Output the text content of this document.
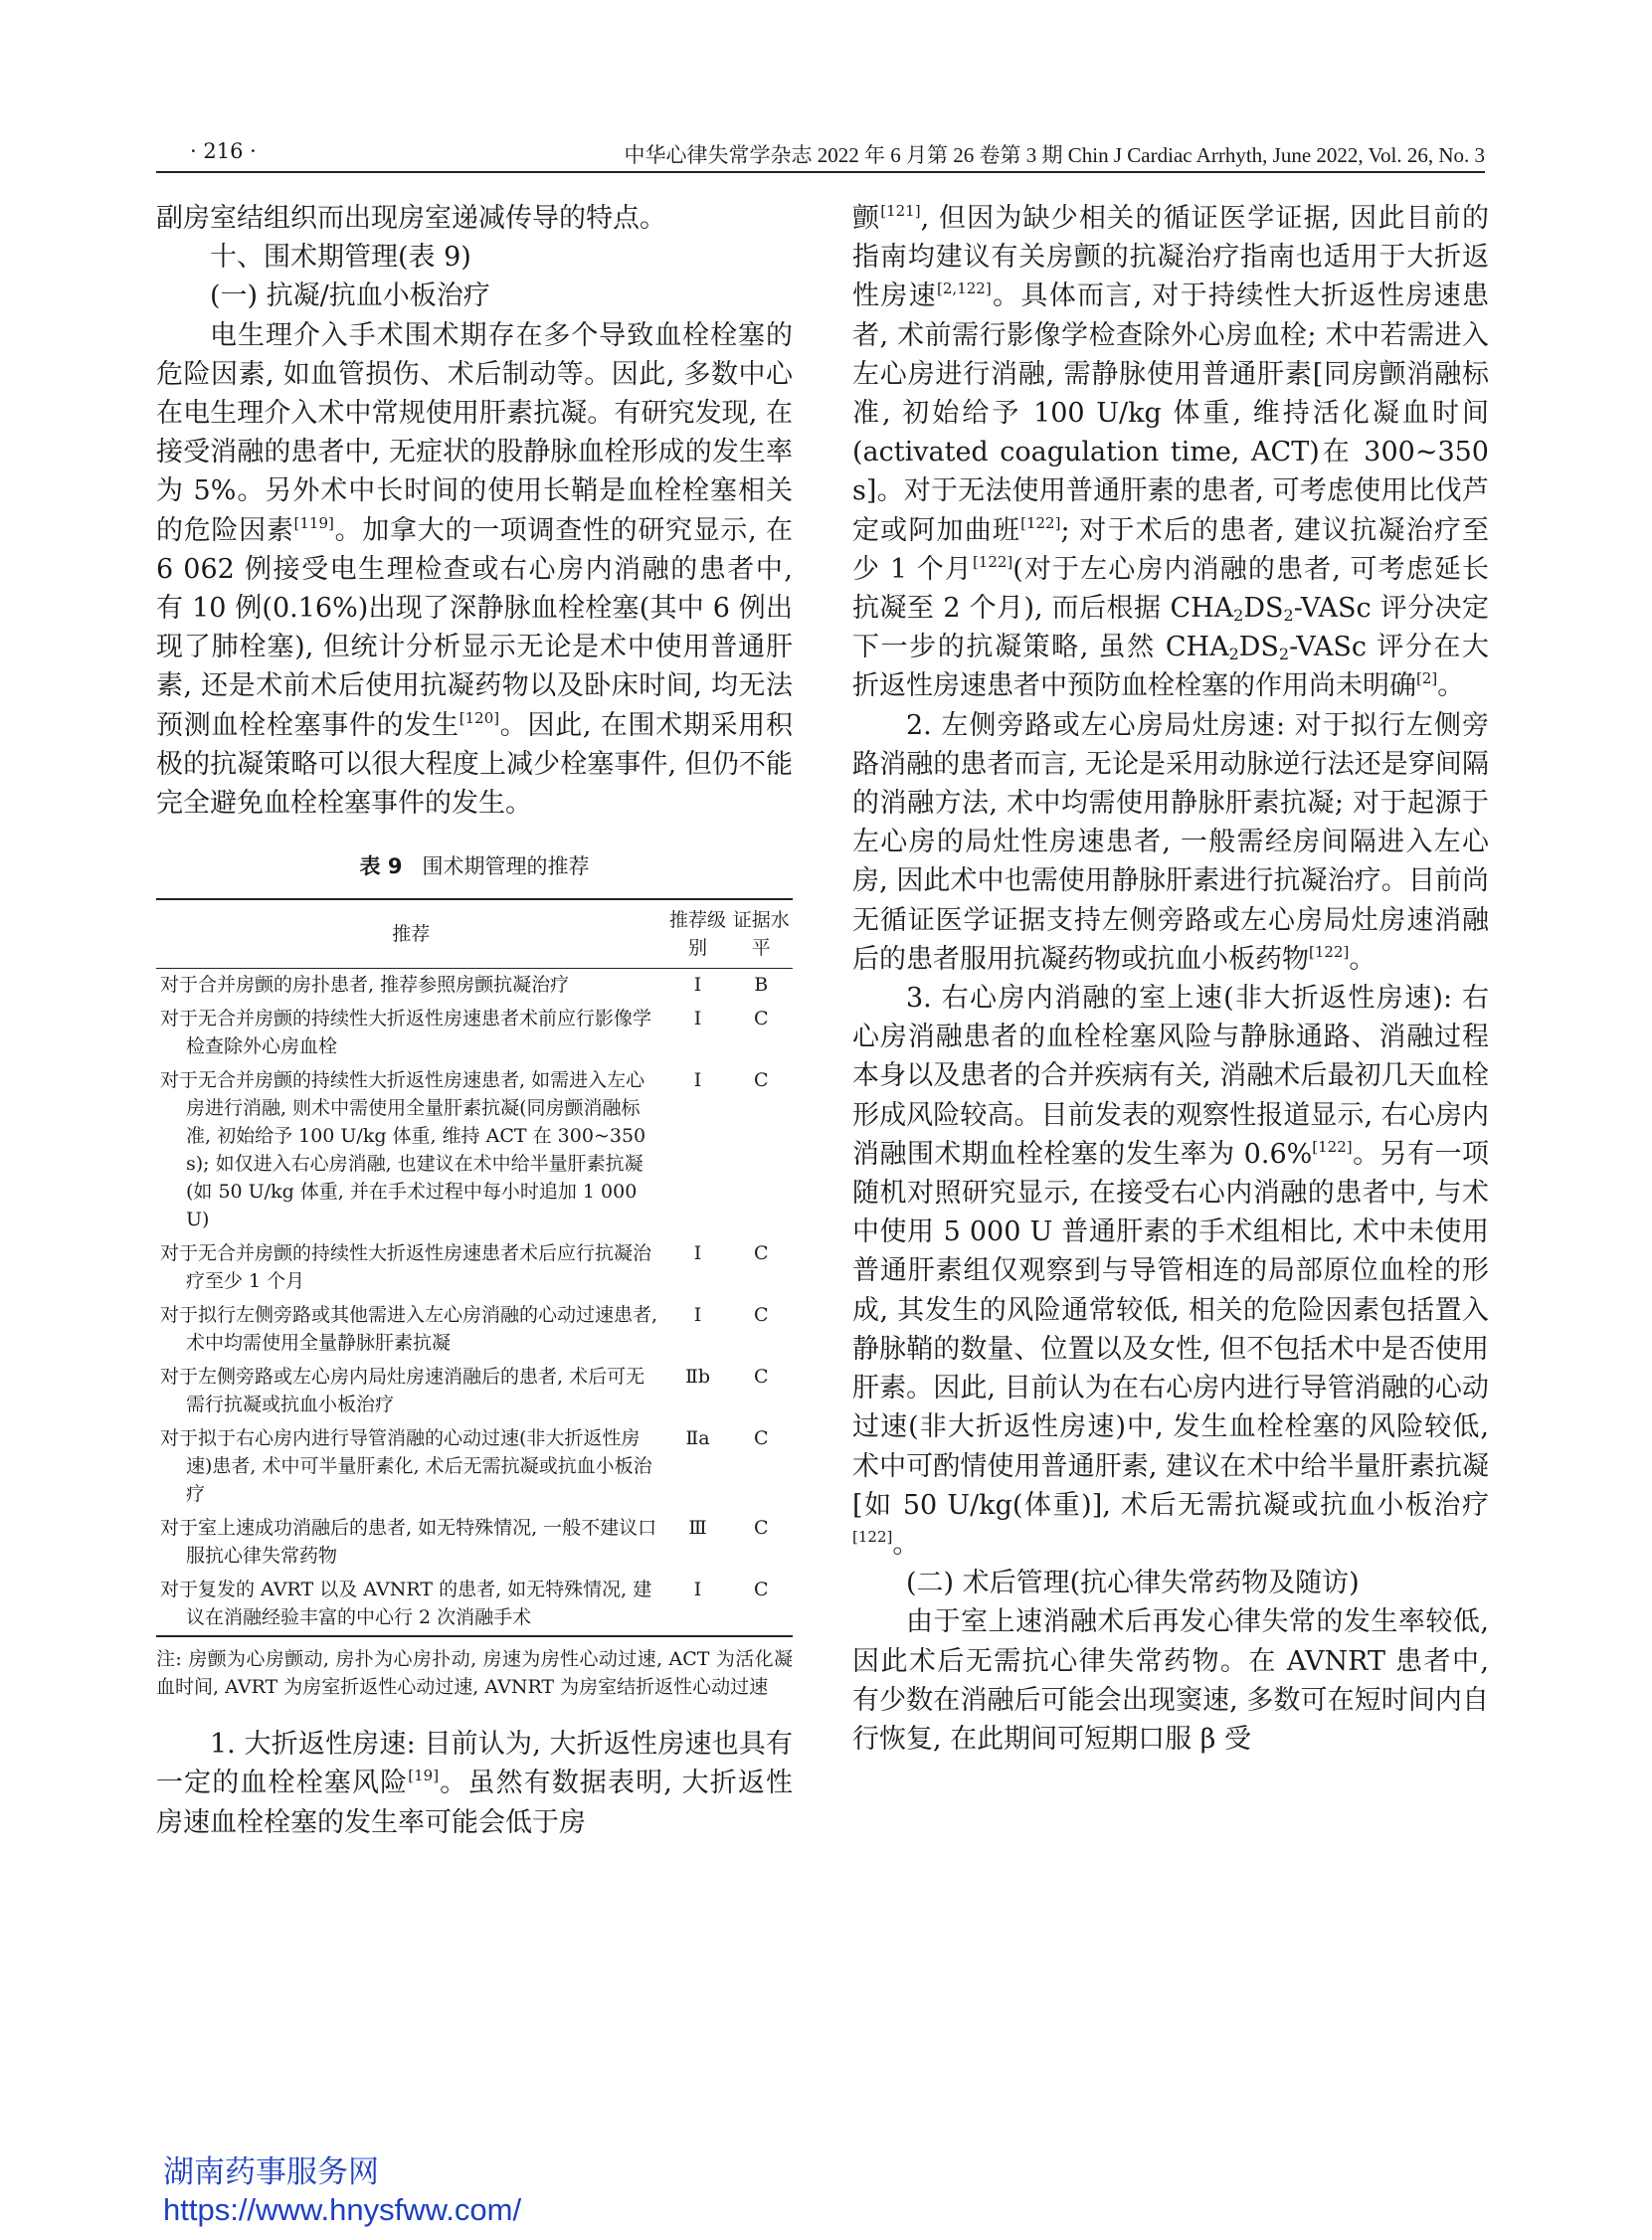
· 216 ·	中华心律失常学杂志 2022 年 6 月第 26 卷第 3 期 Chin J Cardiac Arrhyth, June 2022, Vol. 26, No. 3

副房室结组织而出现房室递减传导的特点。

十、围术期管理(表 9)

(一) 抗凝/抗血小板治疗

电生理介入手术围术期存在多个导致血栓栓塞的危险因素, 如血管损伤、术后制动等。因此, 多数中心在电生理介入术中常规使用肝素抗凝。有研究发现, 在接受消融的患者中, 无症状的股静脉血栓形成的发生率为 5%。另外术中长时间的使用长鞘是血栓栓塞相关的危险因素[119]。加拿大的一项调查性的研究显示, 在 6 062 例接受电生理检查或右心房内消融的患者中, 有 10 例(0.16%)出现了深静脉血栓栓塞(其中 6 例出现了肺栓塞), 但统计分析显示无论是术中使用普通肝素, 还是术前术后使用抗凝药物以及卧床时间, 均无法预测血栓栓塞事件的发生[120]。因此, 在围术期采用积极的抗凝策略可以很大程度上减少栓塞事件, 但仍不能完全避免血栓栓塞事件的发生。

表 9 围术期管理的推荐
推荐	推荐级别	证据水平
对于合并房颤的房扑患者, 推荐参照房颤抗凝治疗	Ⅰ	B
对于无合并房颤的持续性大折返性房速患者术前应行影像学检查除外心房血栓	Ⅰ	C
对于无合并房颤的持续性大折返性房速患者, 如需进入左心房进行消融, 则术中需使用全量肝素抗凝(同房颤消融标准, 初始给予 100 U/kg 体重, 维持 ACT 在 300~350 s); 如仅进入右心房消融, 也建议在术中给半量肝素抗凝(如 50 U/kg 体重, 并在手术过程中每小时追加 1 000 U)	Ⅰ	C
对于无合并房颤的持续性大折返性房速患者术后应行抗凝治疗至少 1 个月	Ⅰ	C
对于拟行左侧旁路或其他需进入左心房消融的心动过速患者, 术中均需使用全量静脉肝素抗凝	Ⅰ	C
对于左侧旁路或左心房内局灶房速消融后的患者, 术后可无需行抗凝或抗血小板治疗	Ⅱb	C
对于拟于右心房内进行导管消融的心动过速(非大折返性房速)患者, 术中可半量肝素化, 术后无需抗凝或抗血小板治疗	Ⅱa	C
对于室上速成功消融后的患者, 如无特殊情况, 一般不建议口服抗心律失常药物	Ⅲ	C
对于复发的 AVRT 以及 AVNRT 的患者, 如无特殊情况, 建议在消融经验丰富的中心行 2 次消融手术	Ⅰ	C

注: 房颤为心房颤动, 房扑为心房扑动, 房速为房性心动过速, ACT 为活化凝血时间, AVRT 为房室折返性心动过速, AVNRT 为房室结折返性心动过速

1. 大折返性房速: 目前认为, 大折返性房速也具有一定的血栓栓塞风险[19]。虽然有数据表明, 大折返性房速血栓栓塞的发生率可能会低于房

颤[121], 但因为缺少相关的循证医学证据, 因此目前的指南均建议有关房颤的抗凝治疗指南也适用于大折返性房速[2,122]。具体而言, 对于持续性大折返性房速患者, 术前需行影像学检查除外心房血栓; 术中若需进入左心房进行消融, 需静脉使用普通肝素[同房颤消融标准, 初始给予 100 U/kg 体重, 维持活化凝血时间(activated coagulation time, ACT)在 300~350 s]。对于无法使用普通肝素的患者, 可考虑使用比伐芦定或阿加曲班[122]; 对于术后的患者, 建议抗凝治疗至少 1 个月[122](对于左心房内消融的患者, 可考虑延长抗凝至 2 个月), 而后根据 $CHA_2DS_2$-VASc 评分决定下一步的抗凝策略, 虽然 $CHA_2DS_2$-VASc 评分在大折返性房速患者中预防血栓栓塞的作用尚未明确[2]。

2. 左侧旁路或左心房局灶房速: 对于拟行左侧旁路消融的患者而言, 无论是采用动脉逆行法还是穿间隔的消融方法, 术中均需使用静脉肝素抗凝; 对于起源于左心房的局灶性房速患者, 一般需经房间隔进入左心房, 因此术中也需使用静脉肝素进行抗凝治疗。目前尚无循证医学证据支持左侧旁路或左心房局灶房速消融后的患者服用抗凝药物或抗血小板药物[122]。

3. 右心房内消融的室上速(非大折返性房速): 右心房消融患者的血栓栓塞风险与静脉通路、消融过程本身以及患者的合并疾病有关, 消融术后最初几天血栓形成风险较高。目前发表的观察性报道显示, 右心房内消融围术期血栓栓塞的发生率为 0.6%[122]。另有一项随机对照研究显示, 在接受右心内消融的患者中, 与术中使用 5 000 U 普通肝素的手术组相比, 术中未使用普通肝素组仅观察到与导管相连的局部原位血栓的形成, 其发生的风险通常较低, 相关的危险因素包括置入静脉鞘的数量、位置以及女性, 但不包括术中是否使用肝素。因此, 目前认为在右心房内进行导管消融的心动过速(非大折返性房速)中, 发生血栓栓塞的风险较低, 术中可酌情使用普通肝素, 建议在术中给半量肝素抗凝[如 50 U/kg(体重)], 术后无需抗凝或抗血小板治疗[122]。

(二) 术后管理(抗心律失常药物及随访)

由于室上速消融术后再发心律失常的发生率较低, 因此术后无需抗心律失常药物。在 AVNRT 患者中, 有少数在消融后可能会出现窦速, 多数可在短时间内自行恢复, 在此期间可短期口服 β 受

湖南药事服务网
https://www.hnysfww.com/
